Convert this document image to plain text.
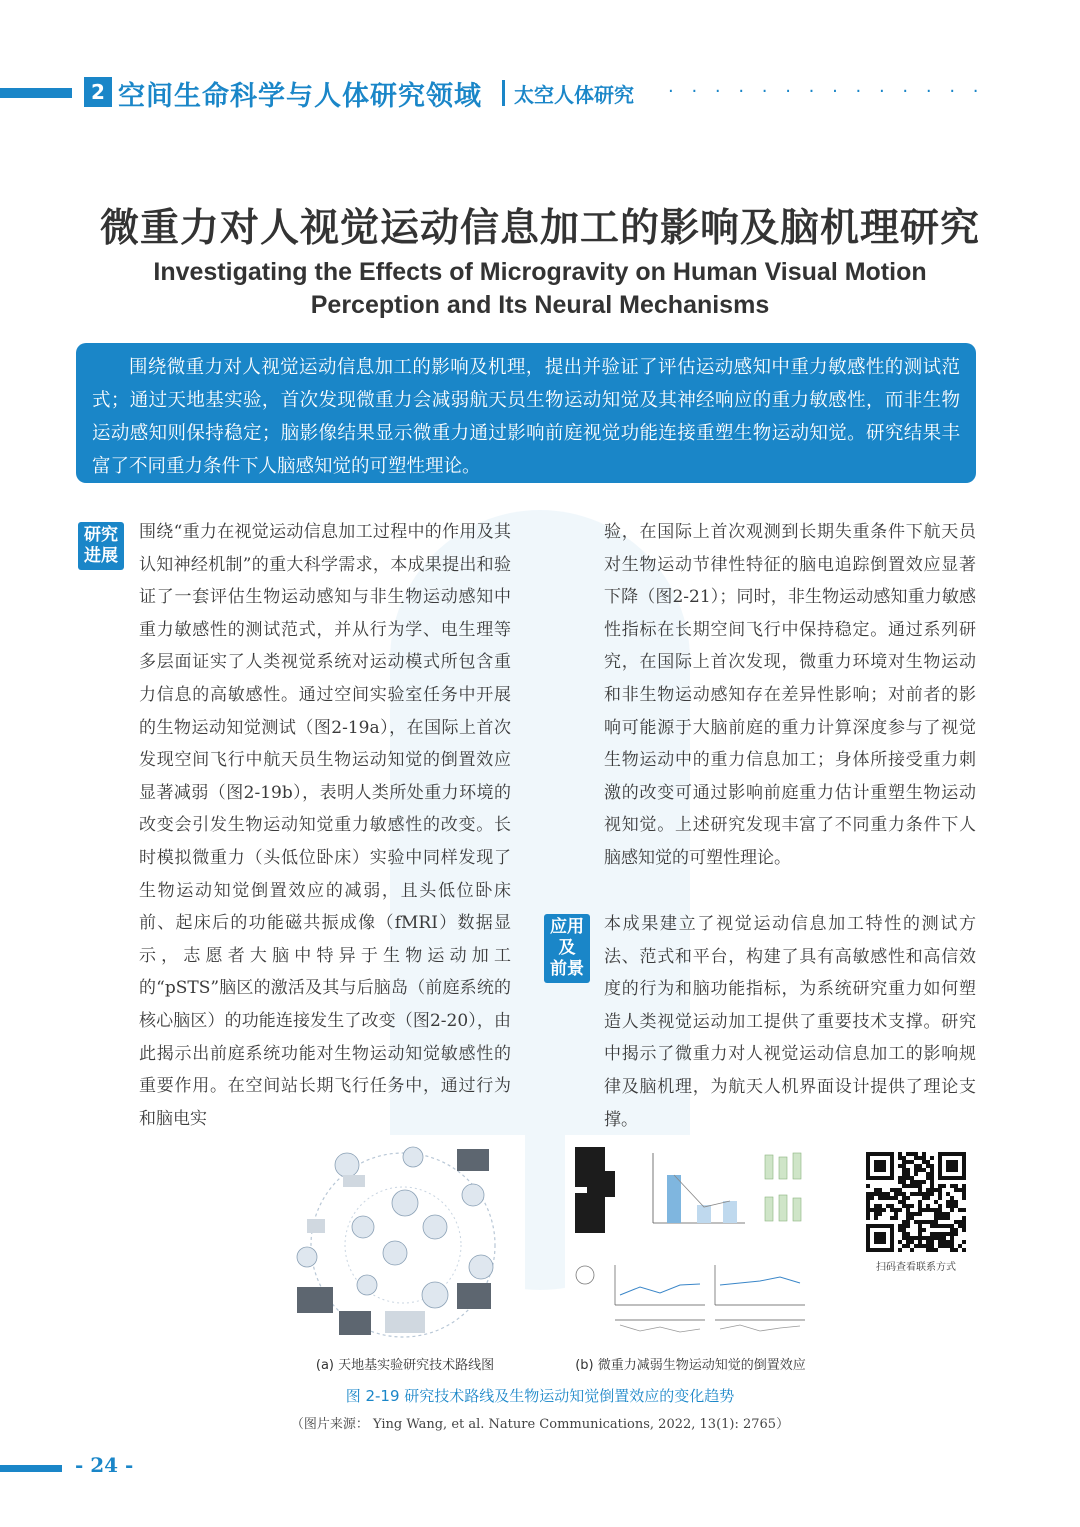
2 空间生命科学与人体研究领域 太空人体研究 · · · · · · · · · · · · · ·
微重力对人视觉运动信息加工的影响及脑机理研究
Investigating the Effects of Microgravity on Human Visual Motion
Perception and Its Neural Mechanisms
围绕微重力对人视觉运动信息加工的影响及机理，提出并验证了评估运动感知中重力敏感性的测试范式；通过天地基实验，首次发现微重力会减弱航天员生物运动知觉及其神经响应的重力敏感性，而非生物运动感知则保持稳定；脑影像结果显示微重力通过影响前庭视觉功能连接重塑生物运动知觉。研究结果丰富了不同重力条件下人脑感知觉的可塑性理论。
研究
进展
应用
及
前景
围绕“重力在视觉运动信息加工过程中的作用及其认知神经机制”的重大科学需求，本成果提出和验证了一套评估生物运动感知与非生物运动感知中重力敏感性的测试范式，并从行为学、电生理等多层面证实了人类视觉系统对运动模式所包含重力信息的高敏感性。通过空间实验室任务中开展的生物运动知觉测试（图2-19a），在国际上首次发现空间飞行中航天员生物运动知觉的倒置效应显著减弱（图2-19b），表明人类所处重力环境的改变会引发生物运动知觉重力敏感性的改变。长时模拟微重力（头低位卧床）实验中同样发现了生物运动知觉倒置效应的减弱，且头低位卧床前、起床后的功能磁共振成像（fMRI）数据显示，志愿者大脑中特异于生物运动加工的“pSTS”脑区的激活及其与后脑岛（前庭系统的核心脑区）的功能连接发生了改变（图2-20），由此揭示出前庭系统功能对生物运动知觉敏感性的重要作用。在空间站长期飞行任务中，通过行为和脑电实
验，在国际上首次观测到长期失重条件下航天员对生物运动节律性特征的脑电追踪倒置效应显著下降（图2-21）；同时，非生物运动感知重力敏感性指标在长期空间飞行中保持稳定。通过系列研究，在国际上首次发现，微重力环境对生物运动和非生物运动感知存在差异性影响；对前者的影响可能源于大脑前庭的重力计算深度参与了视觉生物运动中的重力信息加工；身体所接受重力刺激的改变可通过影响前庭重力估计重塑生物运动视知觉。上述研究发现丰富了不同重力条件下人脑感知觉的可塑性理论。
本成果建立了视觉运动信息加工特性的测试方法、范式和平台，构建了具有高敏感性和高信效度的行为和脑功能指标，为系统研究重力如何塑造人类视觉运动加工提供了重要技术支撑。研究中揭示了微重力对人视觉运动信息加工的影响规律及脑机理，为航天人机界面设计提供了理论支撑。
扫码查看联系方式
(a) 天地基实验研究技术路线图	(b) 微重力减弱生物运动知觉的倒置效应
图 2-19 研究技术路线及生物运动知觉倒置效应的变化趋势
（图片来源： Ying Wang, et al. Nature Communications, 2022, 13(1): 2765）
- 24 -
